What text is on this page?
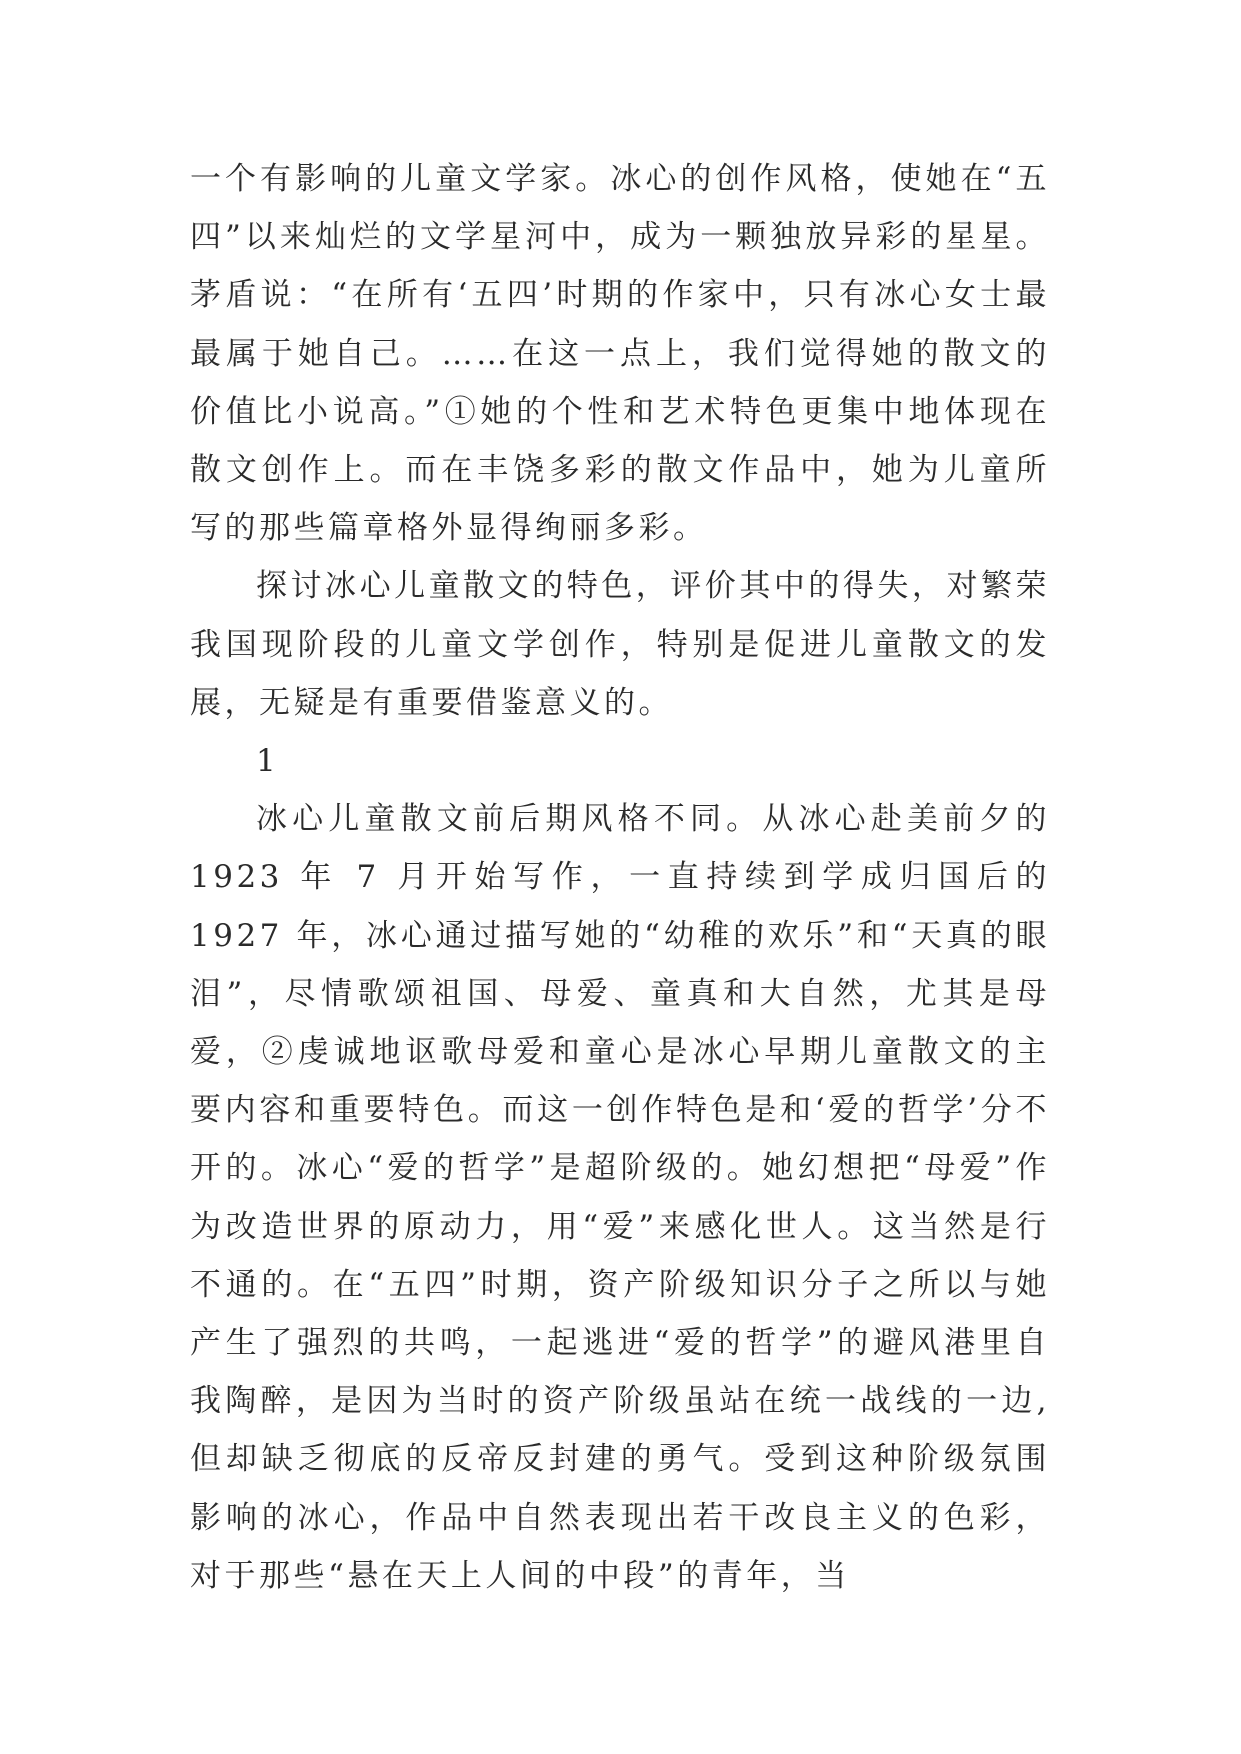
一个有影响的儿童文学家。冰心的创作风格，使她在“五四”以来灿烂的文学星河中，成为一颗独放异彩的星星。茅盾说：“在所有‘五四’时期的作家中，只有冰心女士最最属于她自己。……在这一点上，我们觉得她的散文的价值比小说高。”①她的个性和艺术特色更集中地体现在散文创作上。而在丰饶多彩的散文作品中，她为儿童所写的那些篇章格外显得绚丽多彩。

探讨冰心儿童散文的特色，评价其中的得失，对繁荣我国现阶段的儿童文学创作，特别是促进儿童散文的发展，无疑是有重要借鉴意义的。

1

冰心儿童散文前后期风格不同。从冰心赴美前夕的 1923 年 7 月开始写作，一直持续到学成归国后的 1927 年，冰心通过描写她的“幼稚的欢乐”和“天真的眼泪”，尽情歌颂祖国、母爱、童真和大自然，尤其是母爱，②虔诚地讴歌母爱和童心是冰心早期儿童散文的主要内容和重要特色。而这一创作特色是和‘爱的哲学’分不开的。冰心“爱的哲学”是超阶级的。她幻想把“母爱”作为改造世界的原动力，用“爱”来感化世人。这当然是行不通的。在“五四”时期，资产阶级知识分子之所以与她产生了强烈的共鸣，一起逃进“爱的哲学”的避风港里自我陶醉，是因为当时的资产阶级虽站在统一战线的一边,但却缺乏彻底的反帝反封建的勇气。受到这种阶级氛围影响的冰心，作品中自然表现出若干改良主义的色彩，对于那些“悬在天上人间的中段”的青年，当
